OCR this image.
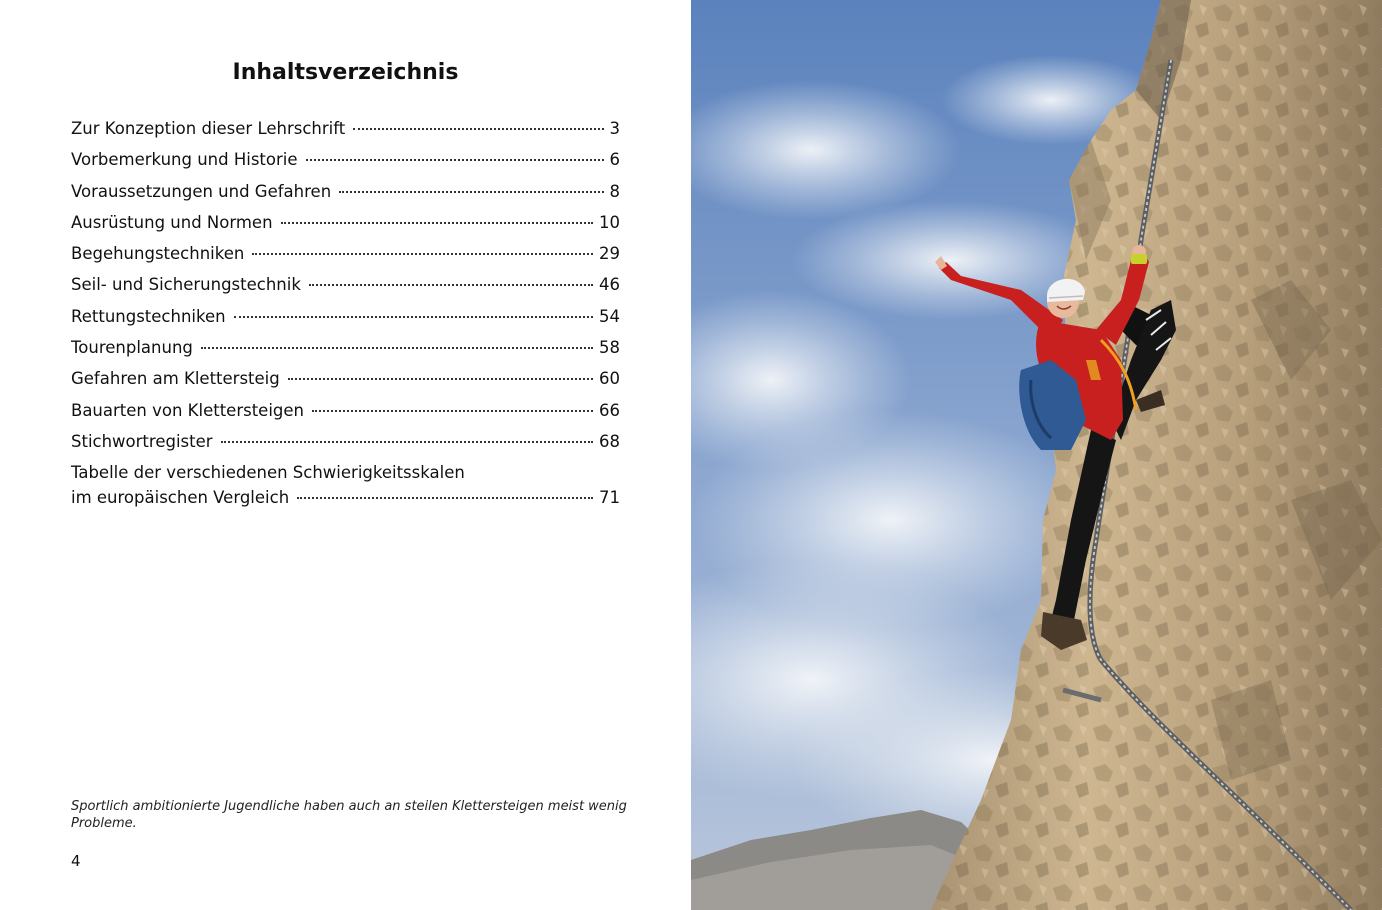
Inhaltsverzeichnis
Zur Konzeption dieser Lehrschrift	3
Vorbemerkung und Historie	6
Voraussetzungen und Gefahren	8
Ausrüstung und Normen	10
Begehungstechniken	29
Seil- und Sicherungstechnik	46
Rettungstechniken	54
Tourenplanung	58
Gefahren am Klettersteig	60
Bauarten von Klettersteigen	66
Stichwortregister	68
Tabelle der verschiedenen Schwierigkeitsskalen
im europäischen Vergleich	71

Sportlich ambitionierte Jugendliche haben auch an steilen Klettersteigen meist wenig Probleme.

4
